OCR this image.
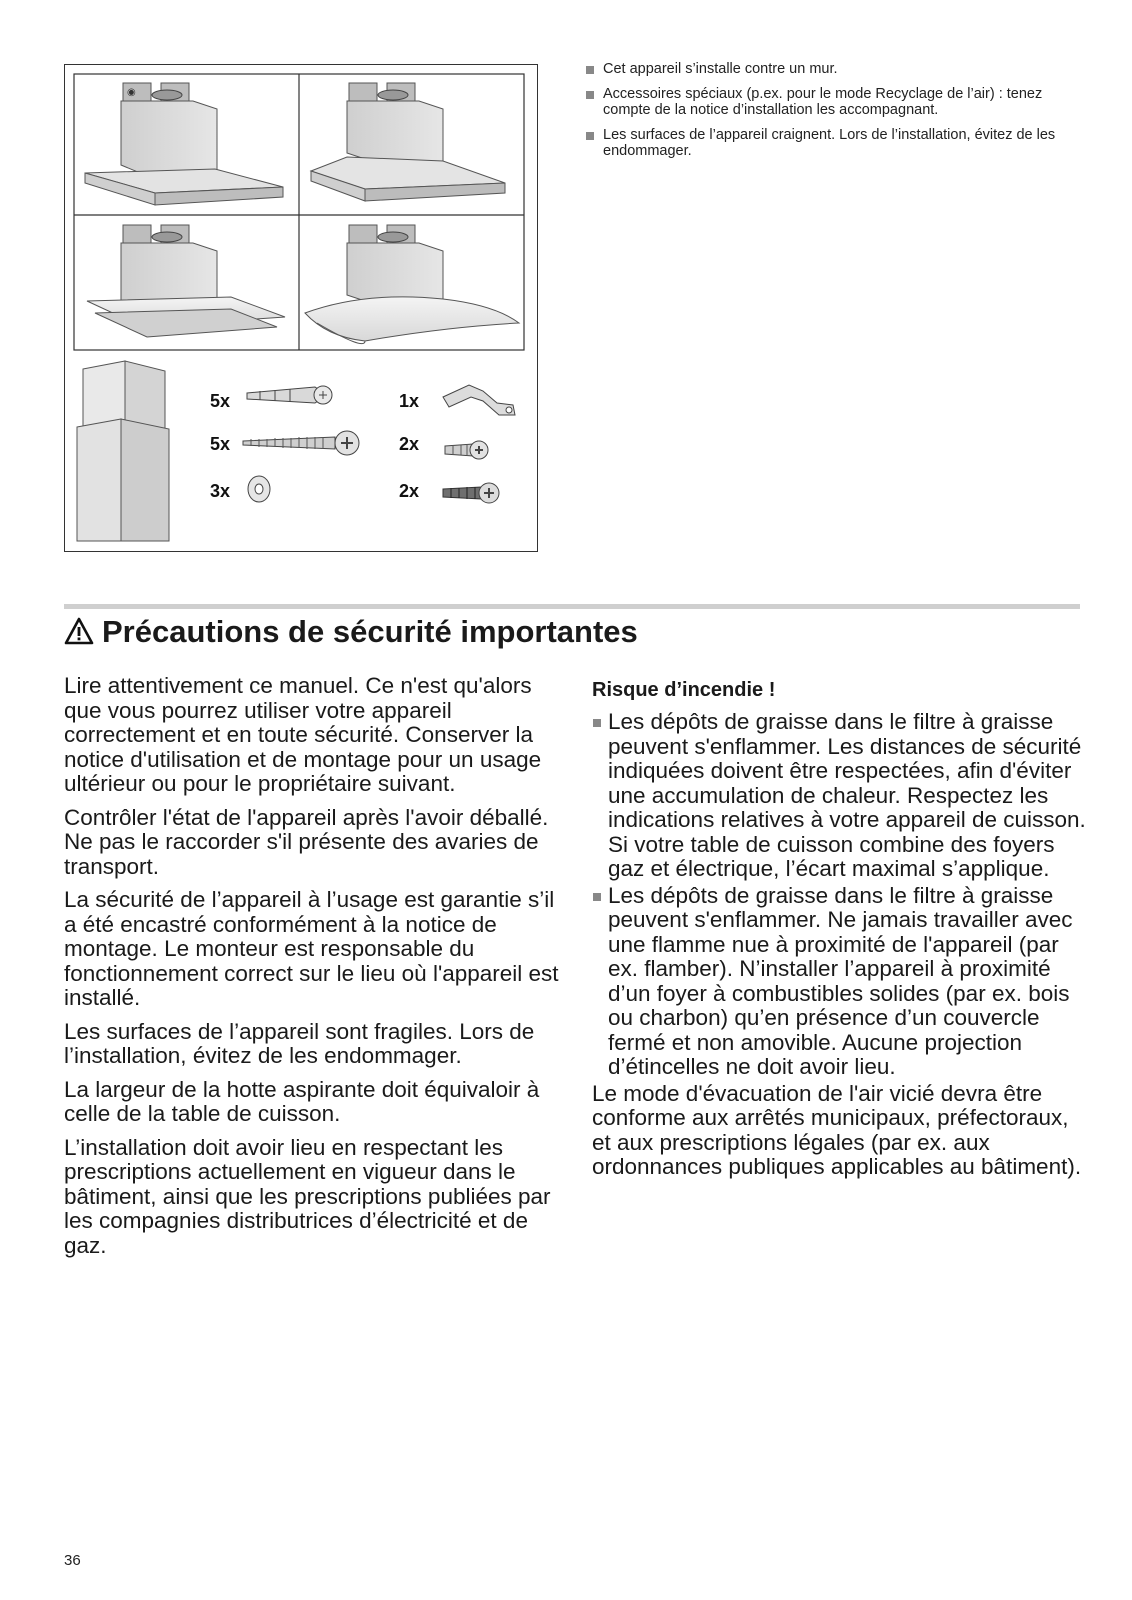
◉
5x
5x
3x
1x
2x
2x
Cet appareil s’installe contre un mur.
Accessoires spéciaux (p.ex. pour le mode Recyclage de l’air) : tenez compte de la notice d’installation les accompagnant.
Les surfaces de l’appareil craignent. Lors de l’installation, évitez de les endommager.
Précautions de sécurité importantes

Lire attentivement ce manuel. Ce n'est qu'alors que vous pourrez utiliser votre appareil correctement et en toute sécurité. Conserver la notice d'utilisation et de montage pour un usage ultérieur ou pour le propriétaire suivant.

Contrôler l'état de l'appareil après l'avoir déballé. Ne pas le raccorder s'il présente des avaries de transport.

La sécurité de l’appareil à l’usage est garantie s’il a été encastré conformément à la notice de montage. Le monteur est responsable du fonctionnement correct sur le lieu où l'appareil est installé.

Les surfaces de l’appareil sont fragiles. Lors de l’installation, évitez de les endommager.

La largeur de la hotte aspirante doit équivaloir à celle de la table de cuisson.

L’installation doit avoir lieu en respectant les prescriptions actuellement en vigueur dans le bâtiment, ainsi que les prescriptions publiées par les compagnies distributrices d’électricité et de gaz.

Risque d’incendie !
Les dépôts de graisse dans le filtre à graisse peuvent s'enflammer. Les distances de sécurité indiquées doivent être respectées, afin d'éviter une accumulation de chaleur. Respectez les indications relatives à votre appareil de cuisson. Si votre table de cuisson combine des foyers gaz et électrique, l’écart maximal s’applique.
Les dépôts de graisse dans le filtre à graisse peuvent s'enflammer. Ne jamais travailler avec une flamme nue à proximité de l'appareil (par ex. flamber). N’installer l’appareil à proximité d’un foyer à combustibles solides (par ex. bois ou charbon) qu’en présence d’un couvercle fermé et non amovible. Aucune projection d’étincelles ne doit avoir lieu.

Le mode d'évacuation de l'air vicié devra être conforme aux arrêtés municipaux, préfectoraux, et aux prescriptions légales (par ex. aux ordonnances publiques applicables au bâtiment).

36
